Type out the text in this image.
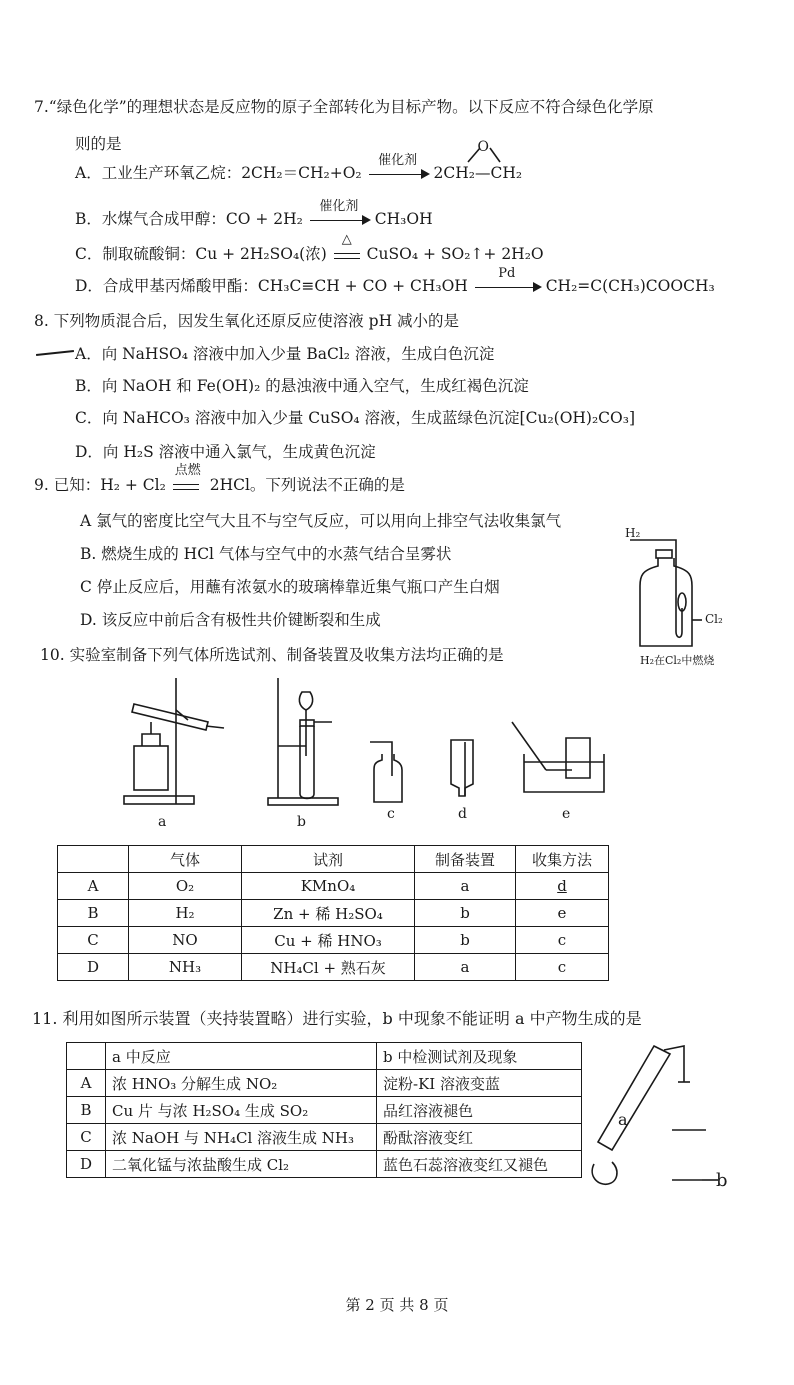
7.“绿色化学”的理想状态是反应物的原子全部转化为目标产物。以下反应不符合绿色化学原
则的是
A．工业生产环氧乙烷：2CH₂＝CH₂+O₂
催化剂
2CH₂—CH₂
O
B．水煤气合成甲醇：CO + 2H₂
催化剂
CH₃OH
C．制取硫酸铜：Cu + 2H₂SO₄(浓)
△
CuSO₄ + SO₂↑+ 2H₂O
D．合成甲基丙烯酸甲酯：CH₃C≡CH + CO + CH₃OH
Pd
CH₂=C(CH₃)COOCH₃
8. 下列物质混合后，因发生氧化还原反应使溶液 pH 减小的是
A．向 NaHSO₄ 溶液中加入少量 BaCl₂ 溶液，生成白色沉淀
B．向 NaOH 和 Fe(OH)₂ 的悬浊液中通入空气，生成红褐色沉淀
C．向 NaHCO₃ 溶液中加入少量 CuSO₄ 溶液，生成蓝绿色沉淀[Cu₂(OH)₂CO₃]
D．向 H₂S 溶液中通入氯气，生成黄色沉淀
9. 已知：H₂ + Cl₂
点燃
2HCl。下列说法不正确的是
A 氯气的密度比空气大且不与空气反应，可以用向上排空气法收集氯气
B. 燃烧生成的 HCl 气体与空气中的水蒸气结合呈雾状
C 停止反应后，用蘸有浓氨水的玻璃棒靠近集气瓶口产生白烟
D. 该反应中前后含有极性共价键断裂和生成
H₂
Cl₂
H₂在Cl₂中燃烧
10. 实验室制备下列气体所选试剂、制备装置及收集方法均正确的是
a	b	c	d	e
	气体	试剂	制备装置	收集方法
A	O₂	KMnO₄	a	d
B	H₂	Zn + 稀 H₂SO₄	b	e
C	NO	Cu + 稀 HNO₃	b	c
D	NH₃	NH₄Cl + 熟石灰	a	c
11. 利用如图所示装置（夹持装置略）进行实验，b 中现象不能证明 a 中产物生成的是
	a 中反应	b 中检测试剂及现象
A	浓 HNO₃ 分解生成 NO₂	淀粉-KI 溶液变蓝
B	Cu 片 与浓 H₂SO₄ 生成 SO₂	品红溶液褪色
C	浓 NaOH 与 NH₄Cl 溶液生成 NH₃	酚酞溶液变红
D	二氧化锰与浓盐酸生成 Cl₂	蓝色石蕊溶液变红又褪色
a
b
第 2 页 共 8 页
